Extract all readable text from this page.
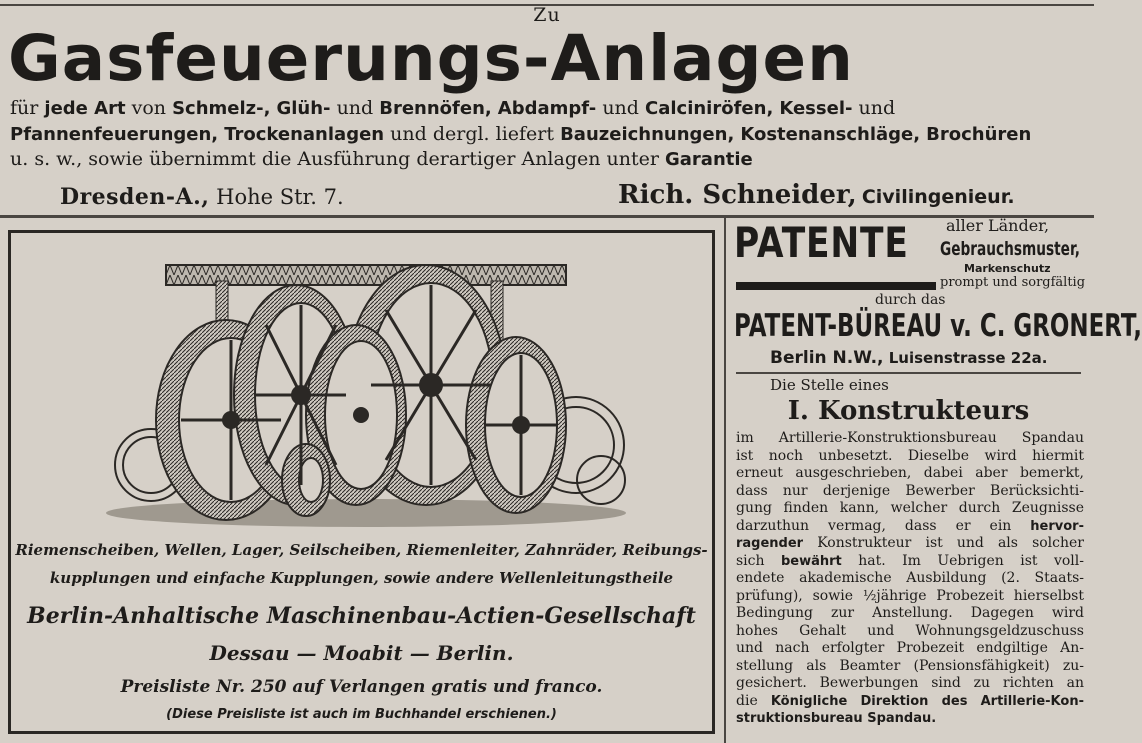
Zu
Gasfeuerungs-Anlagen
für jede Art von Schmelz-, Glüh- und Brennöfen, Abdampf- und Calciniröfen, Kessel- und
Pfannenfeuerungen, Trockenanlagen und dergl. liefert Bauzeichnungen, Kostenanschläge, Brochüren
u. s. w., sowie übernimmt die Ausführung derartiger Anlagen unter Garantie
Dresden-A., Hohe Str. 7.	Rich. Schneider, Civilingenieur.
Riemenscheiben, Wellen, Lager, Seilscheiben, Riemenleiter, Zahnräder, Reibungs-
kupplungen und einfache Kupplungen, sowie andere Wellenleitungstheile
Berlin-Anhaltische Maschinenbau-Actien-Gesellschaft
Dessau — Moabit — Berlin.
Preisliste Nr. 250 auf Verlangen gratis und franco.
(Diese Preisliste ist auch im Buchhandel erschienen.)
PATENTE aller Länder,
Gebrauchsmuster,
Markenschutz
prompt und sorgfältig
durch das
PATENT-BÜREAU v. C. GRONERT,
Berlin N.W., Luisenstrasse 22a.
Die Stelle eines
I. Konstrukteurs
im Artillerie-Konstruktionsbureau Spandau
ist noch unbesetzt. Dieselbe wird hiermit
erneut ausgeschrieben, dabei aber bemerkt,
dass nur derjenige Bewerber Berücksichti-
gung finden kann, welcher durch Zeugnisse
darzuthun vermag, dass er ein hervor-
ragender Konstrukteur ist und als solcher
sich bewährt hat. Im Uebrigen ist voll-
endete akademische Ausbildung (2. Staats-
prüfung), sowie ½jährige Probezeit hierselbst
Bedingung zur Anstellung. Dagegen wird
hohes Gehalt und Wohnungsgeldzuschuss
und nach erfolgter Probezeit endgiltige An-
stellung als Beamter (Pensionsfähigkeit) zu-
gesichert. Bewerbungen sind zu richten an
die Königliche Direktion des Artillerie-Kon-
struktionsbureau Spandau.
